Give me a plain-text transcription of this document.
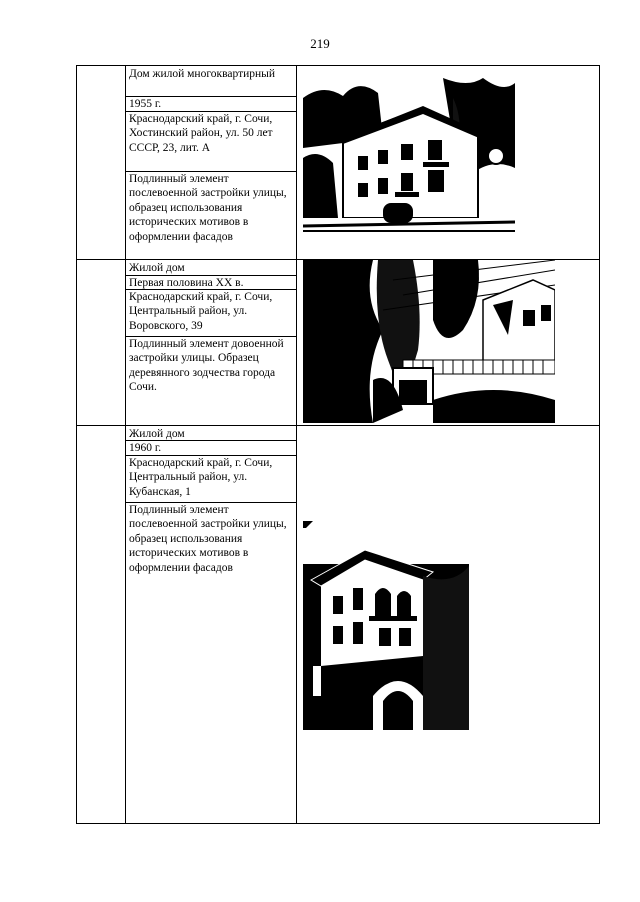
219
Дом жилой многоквартирный
1955 г.
Краснодарский край, г. Сочи, Хостинский район, ул. 50 лет СССР, 23, лит. А
Подлинный элемент послевоенной застройки улицы, образец использования исторических мотивов в оформлении фасадов
Жилой дом
Первая половина XX в.
Краснодарский край, г. Сочи, Центральный район, ул. Воровского, 39
Подлинный элемент довоенной застройки улицы. Образец деревянного зодчества города Сочи.
Жилой дом
1960 г.
Краснодарский край, г. Сочи, Центральный район, ул. Кубанская, 1
Подлинный элемент послевоенной застройки улицы, образец использования исторических мотивов в оформлении фасадов
